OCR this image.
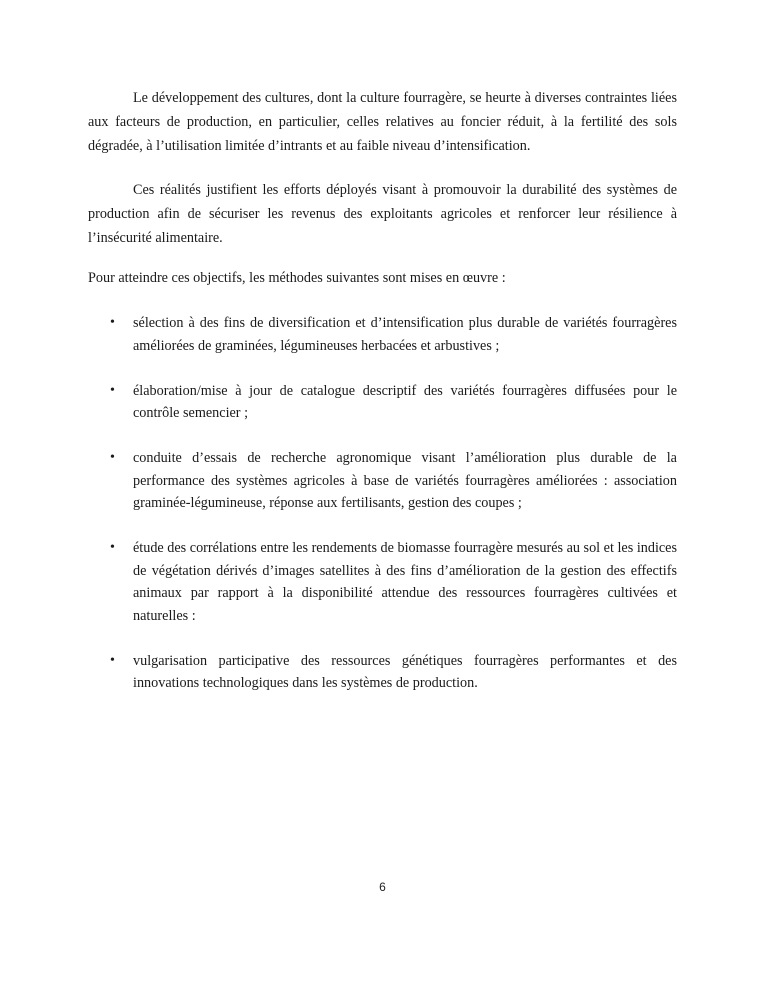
Le développement des cultures, dont la culture fourragère, se heurte à diverses contraintes liées aux facteurs de production, en particulier, celles relatives au foncier réduit, à la fertilité des sols dégradée, à l’utilisation limitée d’intrants et au faible niveau d’intensification.

Ces réalités justifient les efforts déployés visant à promouvoir la durabilité des systèmes de production afin de sécuriser les revenus des exploitants agricoles et renforcer leur résilience à l’insécurité alimentaire.

Pour atteindre ces objectifs, les méthodes suivantes sont mises en œuvre :

•	sélection à des fins de diversification et d’intensification plus durable de variétés fourragères améliorées de graminées, légumineuses herbacées et arbustives ;
•	élaboration/mise à jour de catalogue descriptif des variétés fourragères diffusées pour le contrôle semencier ;
•	conduite d’essais de recherche agronomique visant l’amélioration plus durable de la performance des systèmes agricoles à base de variétés fourragères améliorées : association graminée-légumineuse, réponse aux fertilisants, gestion des coupes ;
•	étude des corrélations entre les rendements de biomasse fourragère mesurés au sol et les indices de végétation dérivés d’images satellites à des fins d’amélioration de la gestion des effectifs animaux par rapport à la disponibilité attendue des ressources fourragères cultivées et naturelles :
•	vulgarisation participative des ressources génétiques fourragères performantes et des innovations technologiques dans les systèmes de production.
6
